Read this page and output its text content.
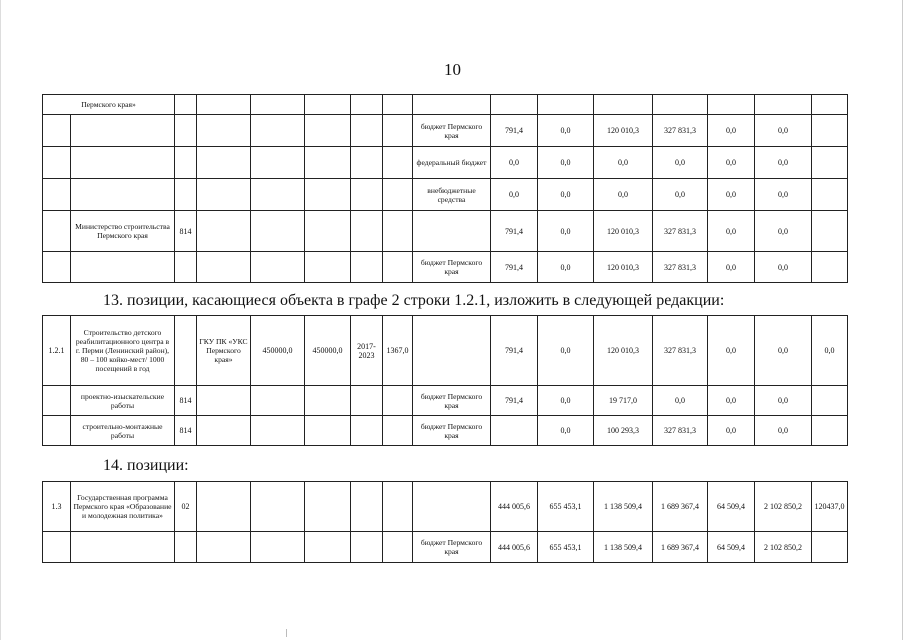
10
Пермского края»															
								бюджет Пермского края	791,4	0,0	120 010,3	327 831,3	0,0	0,0	
								федеральный бюджет	0,0	0,0	0,0	0,0	0,0	0,0	
								внебюджетные средства	0,0	0,0	0,0	0,0	0,0	0,0	
	Министерство строительства Пермского края	814							791,4	0,0	120 010,3	327 831,3	0,0	0,0	
								бюджет Пермского края	791,4	0,0	120 010,3	327 831,3	0,0	0,0	
13. позиции, касающиеся объекта в графе 2 строки 1.2.1, изложить в следующей редакции:
1.2.1	Строительство детского реабилитационного центра в г. Перми (Ленинский район), 80 – 100 койко-мест/ 1000 посещений в год		ГКУ ПК «УКС Пермского края»	450000,0	450000,0	2017-2023	1367,0		791,4	0,0	120 010,3	327 831,3	0,0	0,0	0,0
	проектно-изыскательские работы	814						бюджет Пермского края	791,4	0,0	19 717,0	0,0	0,0	0,0	
	строительно-монтажные работы	814						бюджет Пермского края		0,0	100 293,3	327 831,3	0,0	0,0	
14. позиции:
1.3	Государственная программа Пермского края «Образование и молодежная политика»	02							444 005,6	655 453,1	1 138 509,4	1 689 367,4	64 509,4	2 102 850,2	120437,0
								бюджет Пермского края	444 005,6	655 453,1	1 138 509,4	1 689 367,4	64 509,4	2 102 850,2	
